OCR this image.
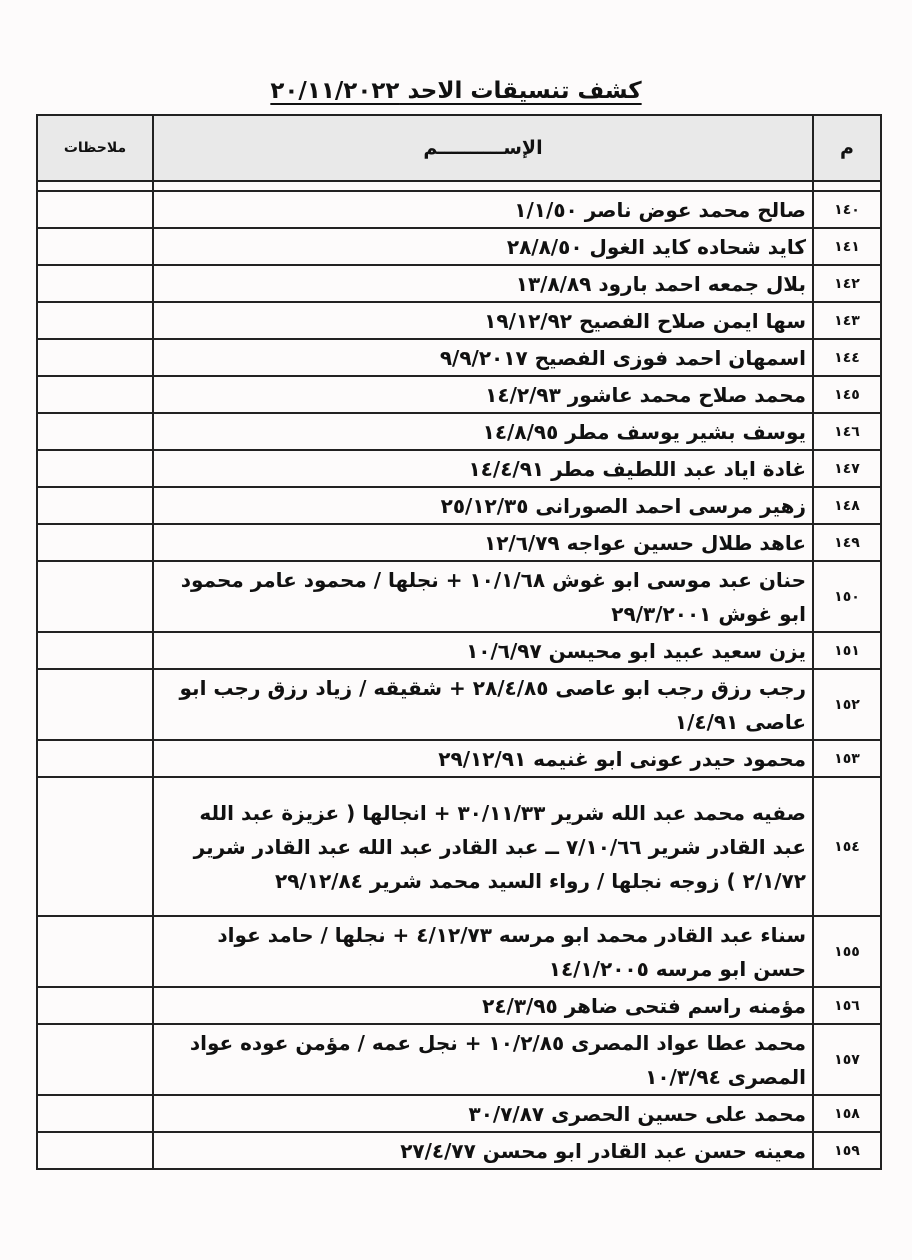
كشف تنسيقات الاحد ٢٠/١١/٢٠٢٢
م	الإســــــــــم	ملاحظات

١٤٠	صالح محمد عوض ناصر ١/١/٥٠	
١٤١	كايد شحاده كايد الغول ٢٨/٨/٥٠	
١٤٢	بلال جمعه احمد بارود ١٣/٨/٨٩	
١٤٣	سها ايمن صلاح الفصيح ١٩/١٢/٩٢	
١٤٤	اسمهان احمد فوزى الفصيح ٩/٩/٢٠١٧	
١٤٥	محمد صلاح محمد عاشور ١٤/٢/٩٣	
١٤٦	يوسف بشير يوسف مطر ١٤/٨/٩٥	
١٤٧	غادة اياد عبد اللطيف مطر ١٤/٤/٩١	
١٤٨	زهير مرسى احمد الصورانى ٢٥/١٢/٣٥	
١٤٩	عاهد طلال حسين عواجه ١٢/٦/٧٩	
١٥٠	حنان عبد موسى ابو غوش ١٠/١/٦٨ + نجلها / محمود عامر محمود ابو غوش ٢٩/٣/٢٠٠١	
١٥١	يزن سعيد عبيد ابو محيسن ١٠/٦/٩٧	
١٥٢	رجب رزق رجب ابو عاصى ٢٨/٤/٨٥ + شقيقه / زياد رزق رجب ابو عاصى ١/٤/٩١	
١٥٣	محمود حيدر عونى ابو غنيمه ٢٩/١٢/٩١	
١٥٤	صفيه محمد عبد الله شرير ٣٠/١١/٣٣ + انجالها ( عزيزة عبد الله عبد القادر شرير ٧/١٠/٦٦ ــ عبد القادر عبد الله عبد القادر شرير ٢/١/٧٢ ) زوجه نجلها / رواء السيد محمد شرير ٢٩/١٢/٨٤	
١٥٥	سناء عبد القادر محمد ابو مرسه ٤/١٢/٧٣ + نجلها / حامد عواد حسن ابو مرسه ١٤/١/٢٠٠٥	
١٥٦	مؤمنه راسم فتحى ضاهر ٢٤/٣/٩٥	
١٥٧	محمد عطا عواد المصرى ١٠/٢/٨٥ + نجل عمه / مؤمن عوده عواد المصرى ١٠/٣/٩٤	
١٥٨	محمد على حسين الحصرى ٣٠/٧/٨٧	
١٥٩	معينه حسن عبد القادر ابو محسن ٢٧/٤/٧٧	
